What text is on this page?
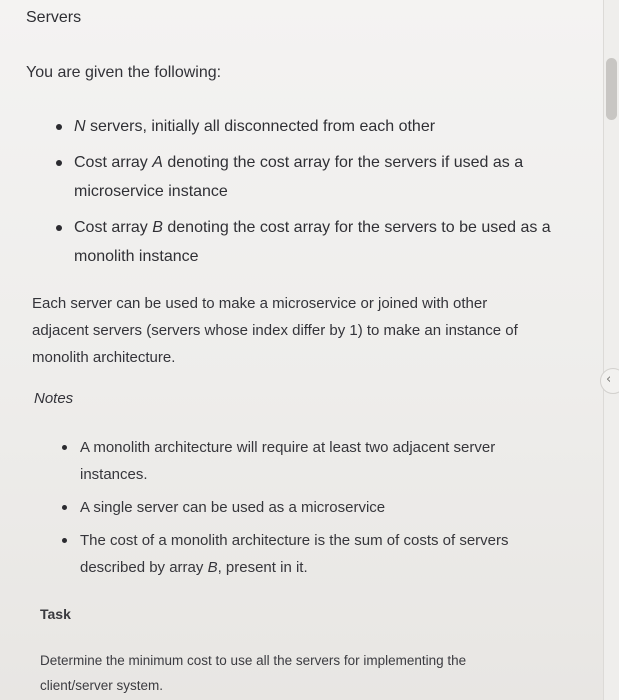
Servers
You are given the following:
N servers, initially all disconnected from each other
Cost array A denoting the cost array for the servers if used as a microservice instance
Cost array B denoting the cost array for the servers to be used as a monolith instance
Each server can be used to make a microservice or joined with other adjacent servers (servers whose index differ by 1) to make an instance of monolith architecture.
Notes
A monolith architecture will require at least two adjacent server instances.
A single server can be used as a microservice
The cost of a monolith architecture is the sum of costs of servers described by array B, present in it.
Task
Determine the minimum cost to use all the servers for implementing the client/server system.
‹
